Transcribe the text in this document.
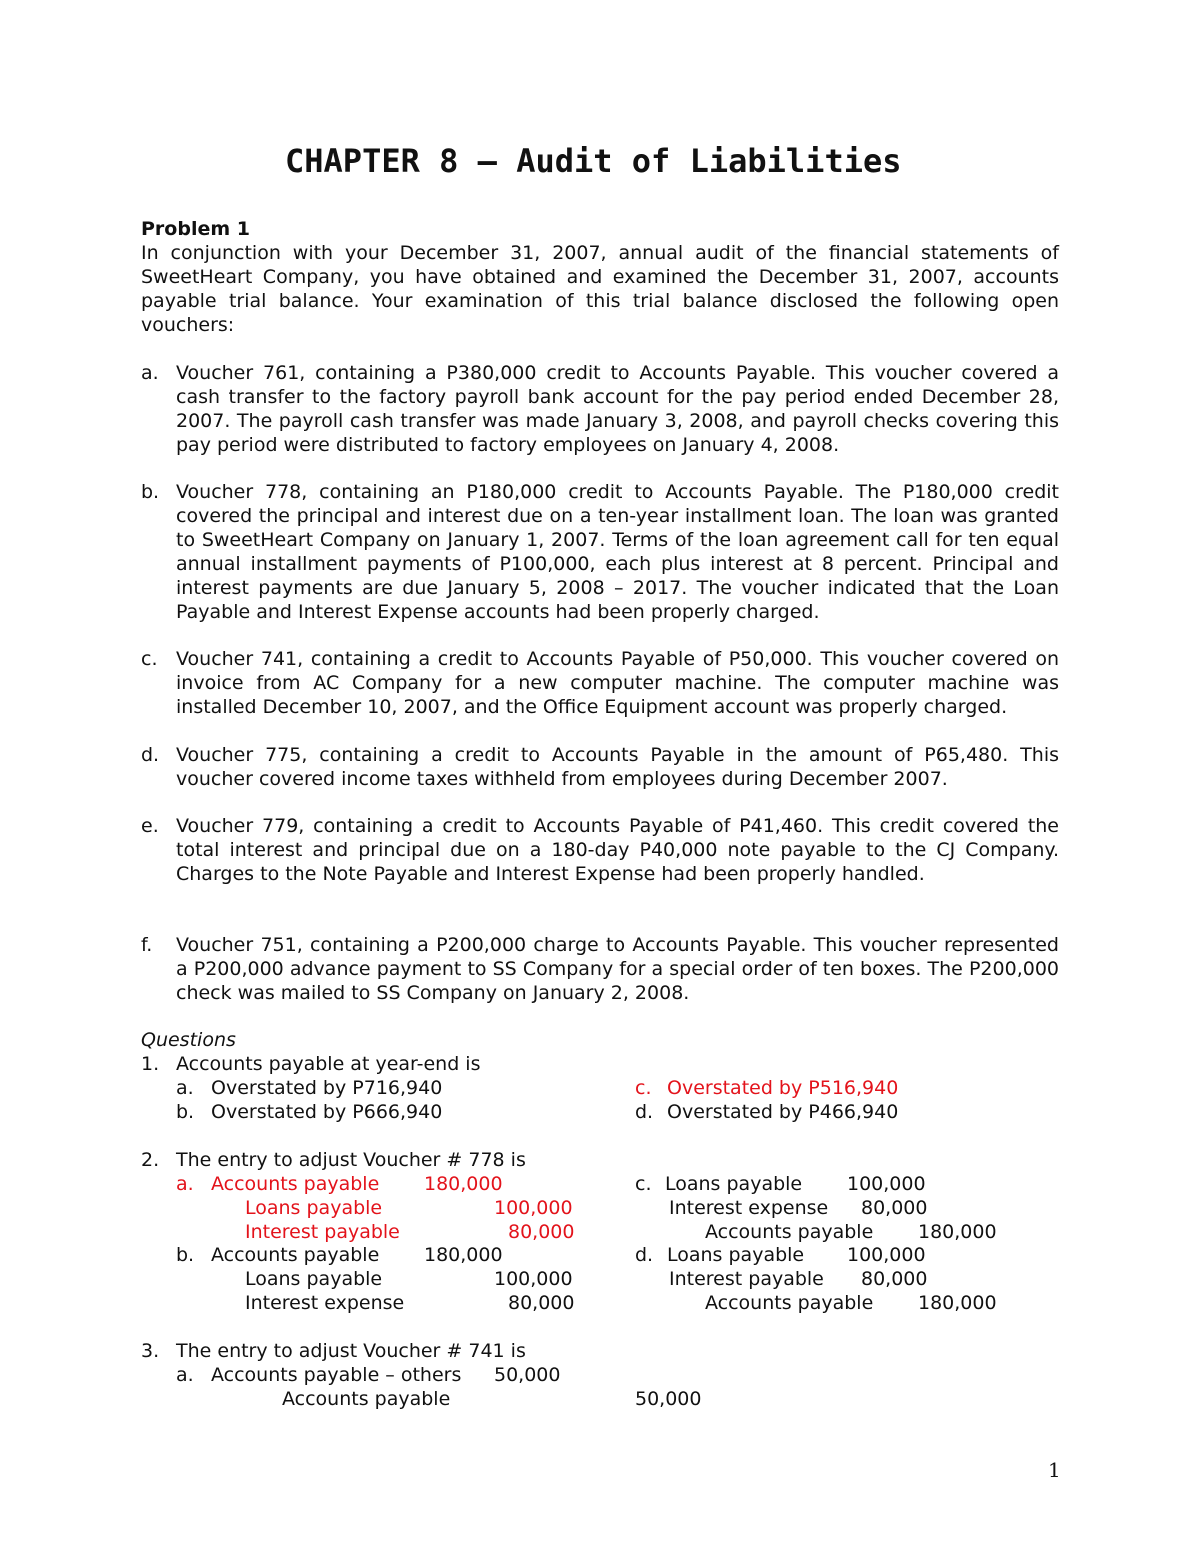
CHAPTER 8 – Audit of Liabilities
Problem 1
In conjunction with your December 31, 2007, annual audit of the financial statements of SweetHeart Company, you have obtained and examined the December 31, 2007, accounts payable trial balance. Your examination of this trial balance disclosed the following open vouchers:
a. Voucher 761, containing a P380,000 credit to Accounts Payable. This voucher covered a cash transfer to the factory payroll bank account for the pay period ended December 28, 2007. The payroll cash transfer was made January 3, 2008, and payroll checks covering this pay period were distributed to factory employees on January 4, 2008.
b. Voucher 778, containing an P180,000 credit to Accounts Payable. The P180,000 credit covered the principal and interest due on a ten-year installment loan. The loan was granted to SweetHeart Company on January 1, 2007. Terms of the loan agreement call for ten equal annual installment payments of P100,000, each plus interest at 8 percent. Principal and interest payments are due January 5, 2008 – 2017. The voucher indicated that the Loan Payable and Interest Expense accounts had been properly charged.
c. Voucher 741, containing a credit to Accounts Payable of P50,000. This voucher covered on invoice from AC Company for a new computer machine. The computer machine was installed December 10, 2007, and the Office Equipment account was properly charged.
d. Voucher 775, containing a credit to Accounts Payable in the amount of P65,480. This voucher covered income taxes withheld from employees during December 2007.
e. Voucher 779, containing a credit to Accounts Payable of P41,460. This credit covered the total interest and principal due on a 180-day P40,000 note payable to the CJ Company. Charges to the Note Payable and Interest Expense had been properly handled.
f. Voucher 751, containing a P200,000 charge to Accounts Payable. This voucher represented a P200,000 advance payment to SS Company for a special order of ten boxes. The P200,000 check was mailed to SS Company on January 2, 2008.
Questions
1. Accounts payable at year-end is
a. Overstated by P716,940
b. Overstated by P666,940
c. Overstated by P516,940
d. Overstated by P466,940
2. The entry to adjust Voucher # 778 is
a. Accounts payable 180,000
Loans payable	100,000
Interest payable	80,000
b. Accounts payable 180,000
Loans payable	100,000
Interest expense	80,000
c. Loans payable 100,000
Interest expense 80,000
Accounts payable 180,000
d. Loans payable 100,000
Interest payable 80,000
Accounts payable 180,000
3. The entry to adjust Voucher # 741 is
a. Accounts payable – others 50,000
Accounts payable	50,000
1
